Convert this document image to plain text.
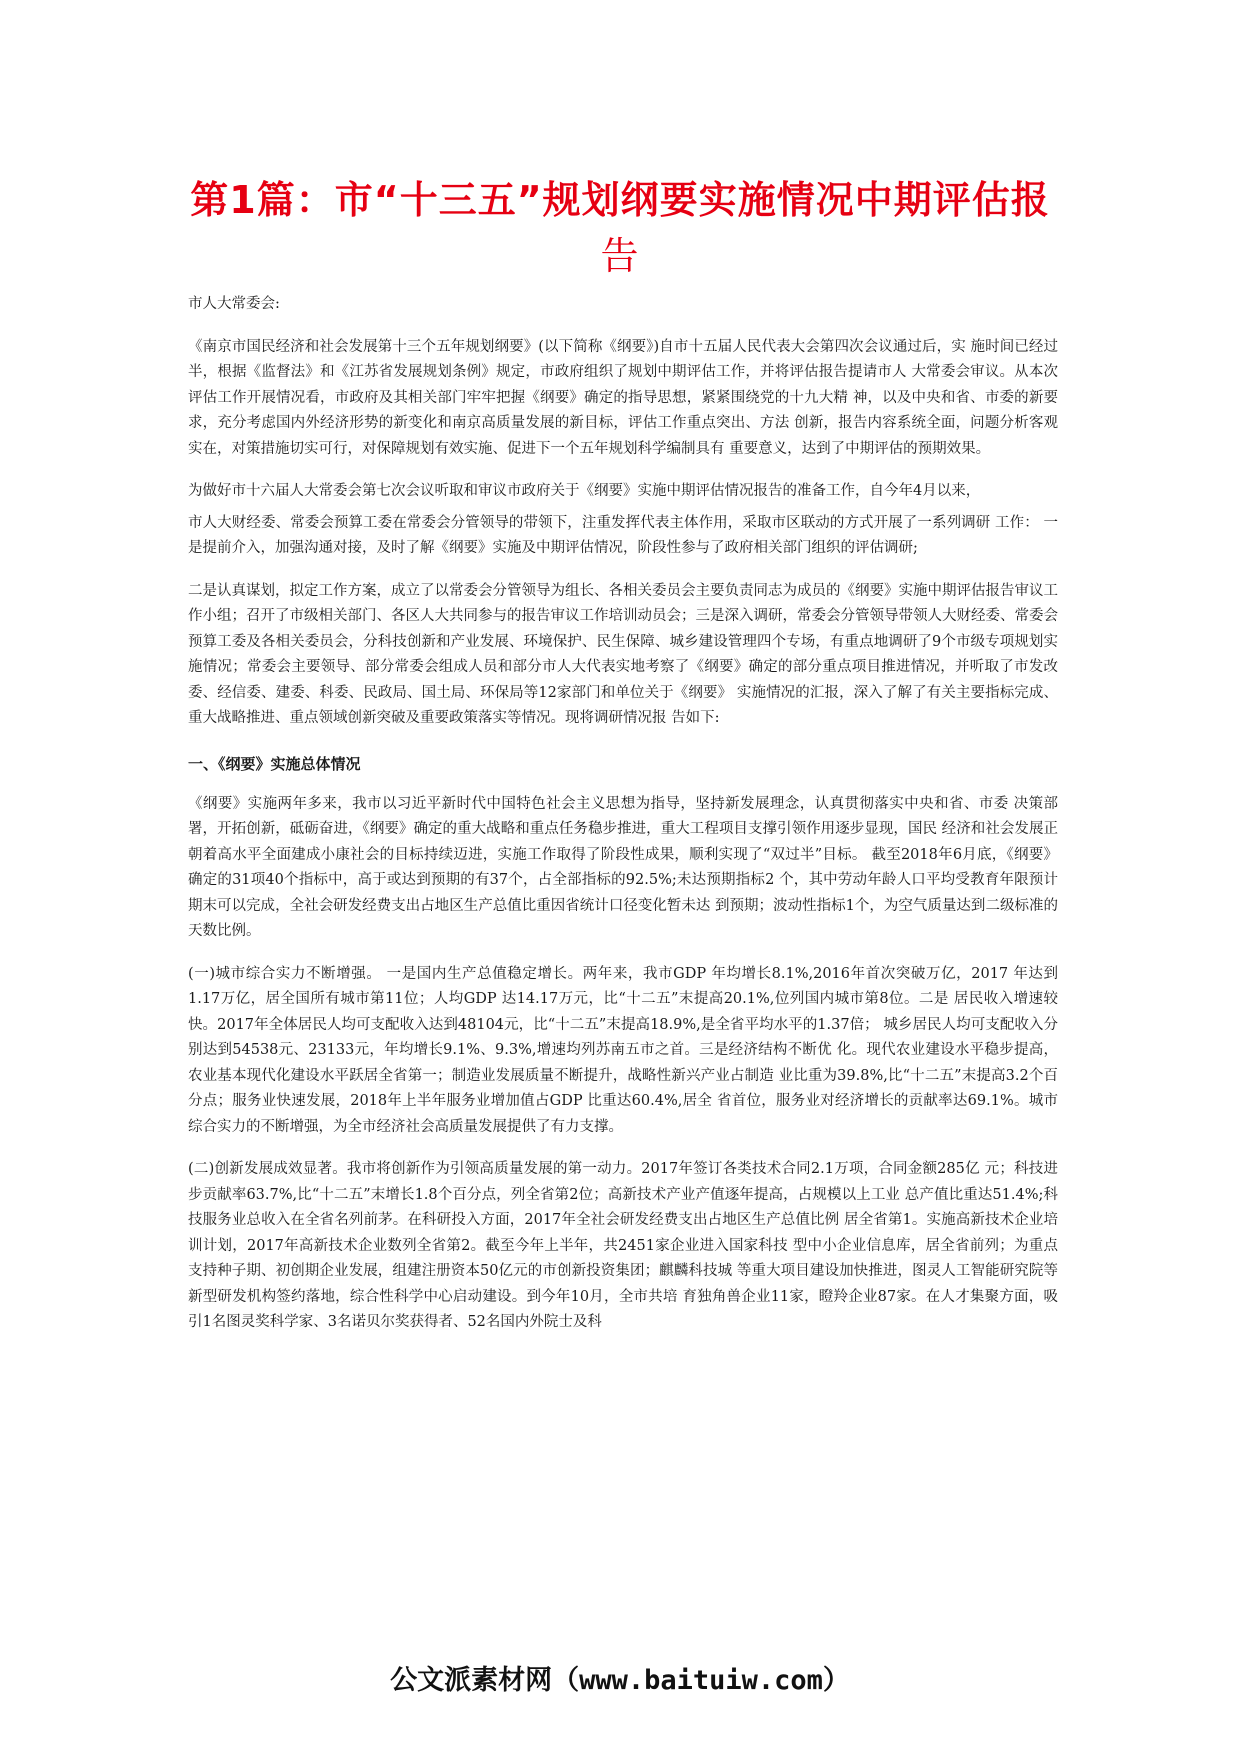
第1篇：市“十三五”规划纲要实施情况中期评估报
告

市人大常委会:

《南京市国民经济和社会发展第十三个五年规划纲要》(以下简称《纲要》)自市十五届人民代表大会第四次会议通过后，实 施时间已经过半，根据《监督法》和《江苏省发展规划条例》规定，市政府组织了规划中期评估工作，并将评估报告提请市人 大常委会审议。从本次评估工作开展情况看，市政府及其相关部门牢牢把握《纲要》确定的指导思想，紧紧围绕党的十九大精 神，以及中央和省、市委的新要求，充分考虑国内外经济形势的新变化和南京高质量发展的新目标，评估工作重点突出、方法 创新，报告内容系统全面，问题分析客观实在，对策措施切实可行，对保障规划有效实施、促进下一个五年规划科学编制具有 重要意义，达到了中期评估的预期效果。

为做好市十六届人大常委会第七次会议听取和审议市政府关于《纲要》实施中期评估情况报告的准备工作，自今年4月以来，

市人大财经委、常委会预算工委在常委会分管领导的带领下，注重发挥代表主体作用，采取市区联动的方式开展了一系列调研 工作： 一是提前介入，加强沟通对接，及时了解《纲要》实施及中期评估情况，阶段性参与了政府相关部门组织的评估调研;

二是认真谋划，拟定工作方案，成立了以常委会分管领导为组长、各相关委员会主要负责同志为成员的《纲要》实施中期评估报告审议工作小组；召开了市级相关部门、各区人大共同参与的报告审议工作培训动员会；三是深入调研，常委会分管领导带领人大财经委、常委会预算工委及各相关委员会，分科技创新和产业发展、环境保护、民生保障、城乡建设管理四个专场，有重点地调研了9个市级专项规划实施情况；常委会主要领导、部分常委会组成人员和部分市人大代表实地考察了《纲要》确定的部分重点项目推进情况，并听取了市发改委、经信委、建委、科委、民政局、国土局、环保局等12家部门和单位关于《纲要》 实施情况的汇报，深入了解了有关主要指标完成、重大战略推进、重点领域创新突破及重要政策落实等情况。现将调研情况报 告如下:

一、《纲要》实施总体情况

《纲要》实施两年多来，我市以习近平新时代中国特色社会主义思想为指导，坚持新发展理念，认真贯彻落实中央和省、市委 决策部署，开拓创新，砥砺奋进，《纲要》确定的重大战略和重点任务稳步推进，重大工程项目支撑引领作用逐步显现，国民 经济和社会发展正朝着高水平全面建成小康社会的目标持续迈进，实施工作取得了阶段性成果，顺利实现了“双过半”目标。 截至2018年6月底，《纲要》确定的31项40个指标中，高于或达到预期的有37个，占全部指标的92.5%;未达预期指标2 个，其中劳动年龄人口平均受教育年限预计期末可以完成，全社会研发经费支出占地区生产总值比重因省统计口径变化暂未达 到预期；波动性指标1个，为空气质量达到二级标准的天数比例。

(一)城市综合实力不断增强。 一是国内生产总值稳定增长。两年来，我市GDP 年均增长8.1%,2016年首次突破万亿，2017 年达到1.17万亿，居全国所有城市第11位；人均GDP 达14.17万元，比“十二五”末提高20.1%,位列国内城市第8位。二是 居民收入增速较快。2017年全体居民人均可支配收入达到48104元，比“十二五”末提高18.9%,是全省平均水平的1.37倍； 城乡居民人均可支配收入分别达到54538元、23133元，年均增长9.1%、9.3%,增速均列苏南五市之首。三是经济结构不断优 化。现代农业建设水平稳步提高，农业基本现代化建设水平跃居全省第一；制造业发展质量不断提升，战略性新兴产业占制造 业比重为39.8%,比“十二五”末提高3.2个百分点；服务业快速发展，2018年上半年服务业增加值占GDP 比重达60.4%,居全 省首位，服务业对经济增长的贡献率达69.1%。城市综合实力的不断增强，为全市经济社会高质量发展提供了有力支撑。

(二)创新发展成效显著。我市将创新作为引领高质量发展的第一动力。2017年签订各类技术合同2.1万项，合同金额285亿 元；科技进步贡献率63.7%,比“十二五”末增长1.8个百分点，列全省第2位；高新技术产业产值逐年提高，占规模以上工业 总产值比重达51.4%;科技服务业总收入在全省名列前茅。在科研投入方面，2017年全社会研发经费支出占地区生产总值比例 居全省第1。实施高新技术企业培训计划，2017年高新技术企业数列全省第2。截至今年上半年，共2451家企业进入国家科技 型中小企业信息库，居全省前列；为重点支持种子期、初创期企业发展，组建注册资本50亿元的市创新投资集团；麒麟科技城 等重大项目建设加快推进，图灵人工智能研究院等新型研发机构签约落地，综合性科学中心启动建设。到今年10月，全市共培 育独角兽企业11家，瞪羚企业87家。在人才集聚方面，吸引1名图灵奖科学家、3名诺贝尔奖获得者、52名国内外院士及科

公文派素材网（www.baituiw.com）
